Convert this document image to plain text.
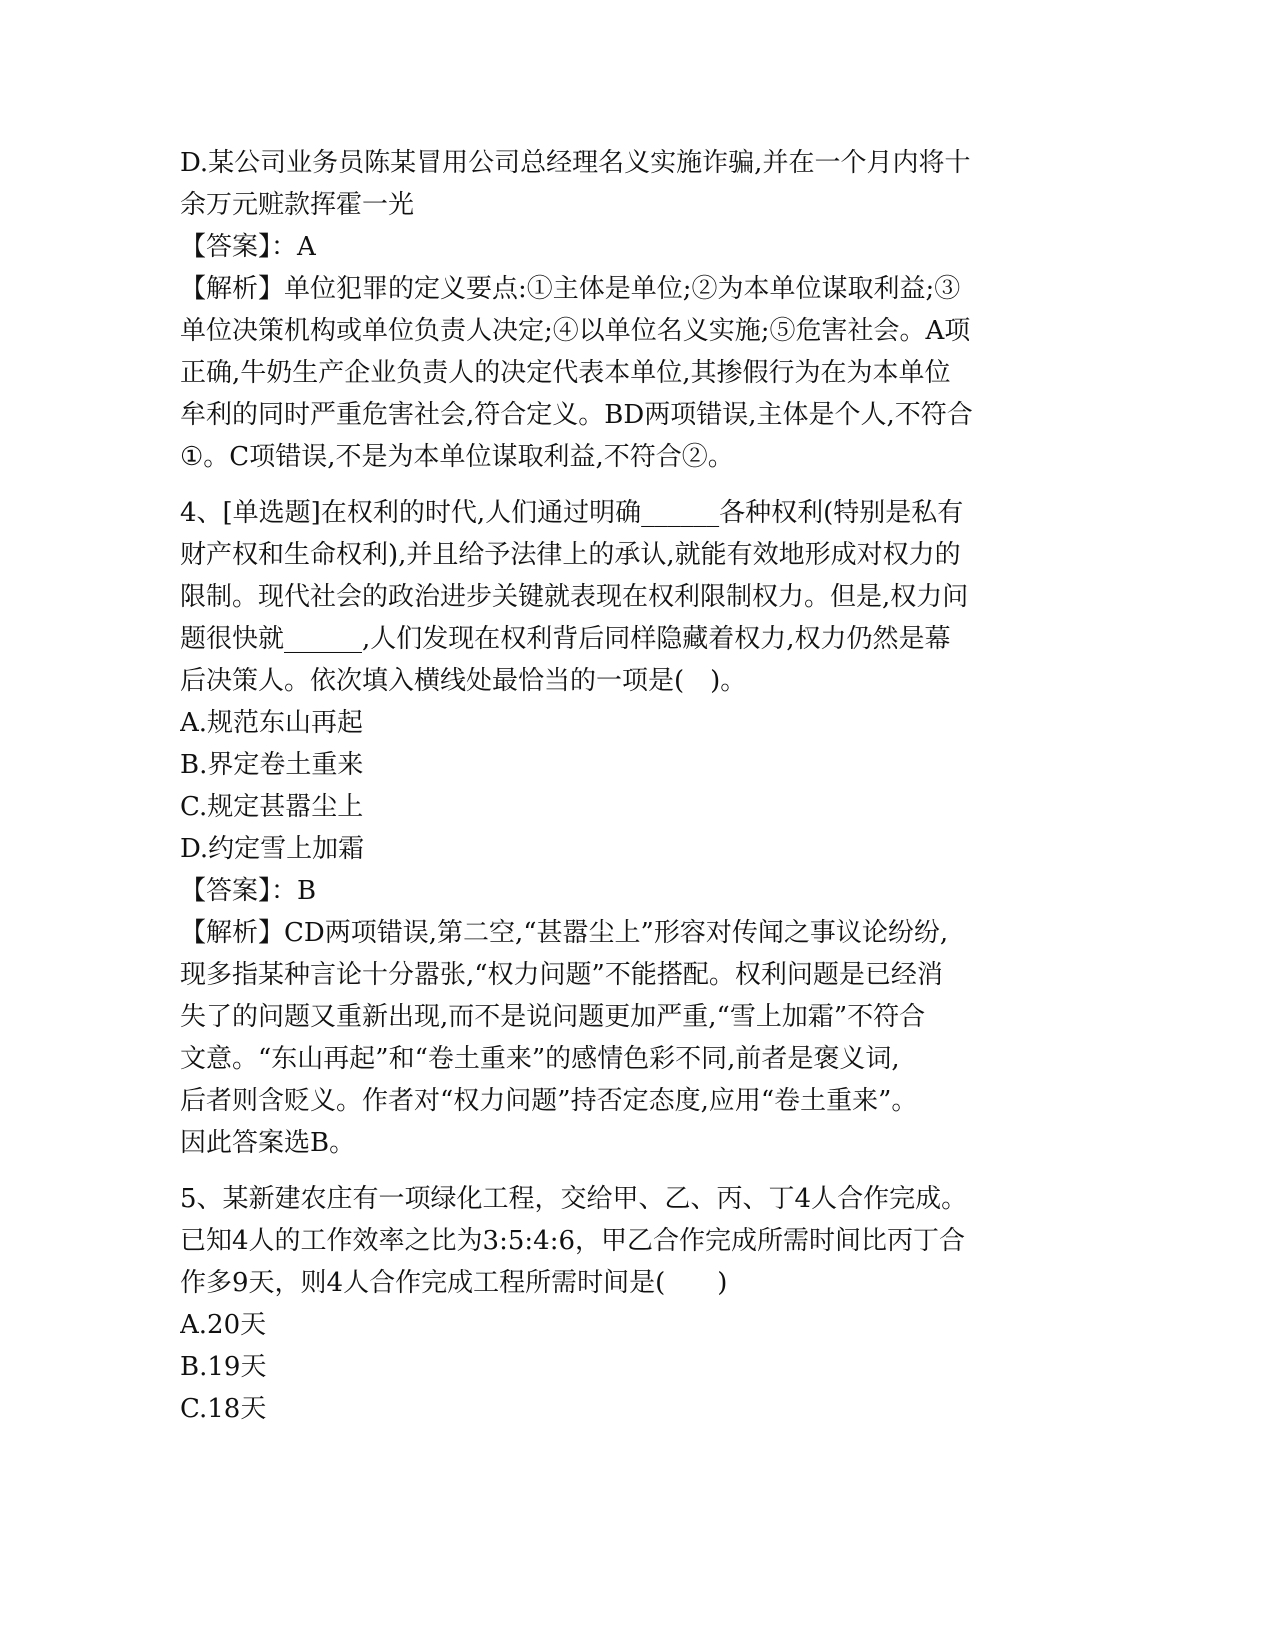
D.某公司业务员陈某冒用公司总经理名义实施诈骗,并在一个月内将十
余万元赃款挥霍一光
【答案】：A
【解析】单位犯罪的定义要点:①主体是单位;②为本单位谋取利益;③
单位决策机构或单位负责人决定;④以单位名义实施;⑤危害社会。A项
正确,牛奶生产企业负责人的决定代表本单位,其掺假行为在为本单位
牟利的同时严重危害社会,符合定义。BD两项错误,主体是个人,不符合
①。C项错误,不是为本单位谋取利益,不符合②。
4、[单选题]在权利的时代,人们通过明确______各种权利(特别是私有
财产权和生命权利),并且给予法律上的承认,就能有效地形成对权力的
限制。现代社会的政治进步关键就表现在权利限制权力。但是,权力问
题很快就______,人们发现在权利背后同样隐藏着权力,权力仍然是幕
后决策人。依次填入横线处最恰当的一项是(　)。
A.规范东山再起
B.界定卷土重来
C.规定甚嚣尘上
D.约定雪上加霜
【答案】：B
【解析】CD两项错误,第二空,“甚嚣尘上”形容对传闻之事议论纷纷,
现多指某种言论十分嚣张,“权力问题”不能搭配。权利问题是已经消
失了的问题又重新出现,而不是说问题更加严重,“雪上加霜”不符合
文意。“东山再起”和“卷土重来”的感情色彩不同,前者是褒义词,
后者则含贬义。作者对“权力问题”持否定态度,应用“卷土重来”。
因此答案选B。
5、某新建农庄有一项绿化工程，交给甲、乙、丙、丁4人合作完成。
已知4人的工作效率之比为3:5:4:6，甲乙合作完成所需时间比丙丁合
作多9天，则4人合作完成工程所需时间是(　　)
A.20天
B.19天
C.18天
